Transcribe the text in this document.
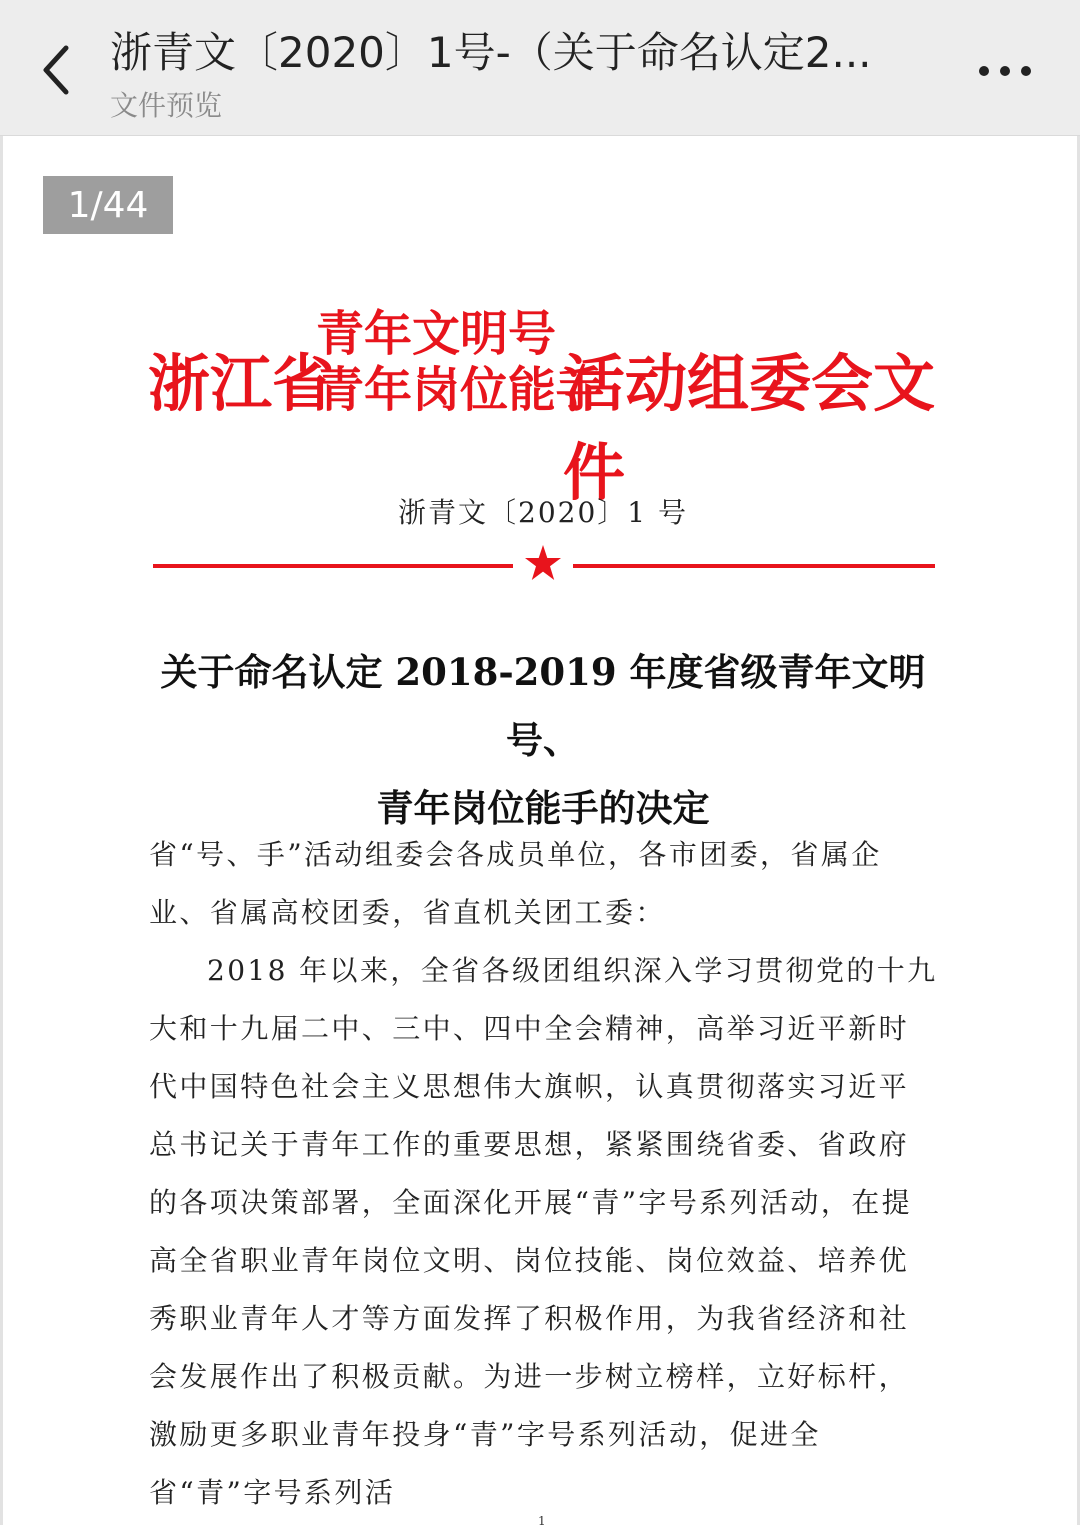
浙青文〔2020〕1号-（关于命名认定2...
文件预览
1/44
浙江省
青年文明号
青年岗位能手
活动组委会文件
浙青文〔2020〕1 号
关于命名认定 2018-2019 年度省级青年文明号、
青年岗位能手的决定

省“号、手”活动组委会各成员单位，各市团委，省属企业、省属高校团委，省直机关团工委：

2018 年以来，全省各级团组织深入学习贯彻党的十九大和十九届二中、三中、四中全会精神，高举习近平新时代中国特色社会主义思想伟大旗帜，认真贯彻落实习近平总书记关于青年工作的重要思想，紧紧围绕省委、省政府的各项决策部署，全面深化开展“青”字号系列活动，在提高全省职业青年岗位文明、岗位技能、岗位效益、培养优秀职业青年人才等方面发挥了积极作用，为我省经济和社会发展作出了积极贡献。为进一步树立榜样，立好标杆，激励更多职业青年投身“青”字号系列活动，促进全省“青”字号系列活

1
